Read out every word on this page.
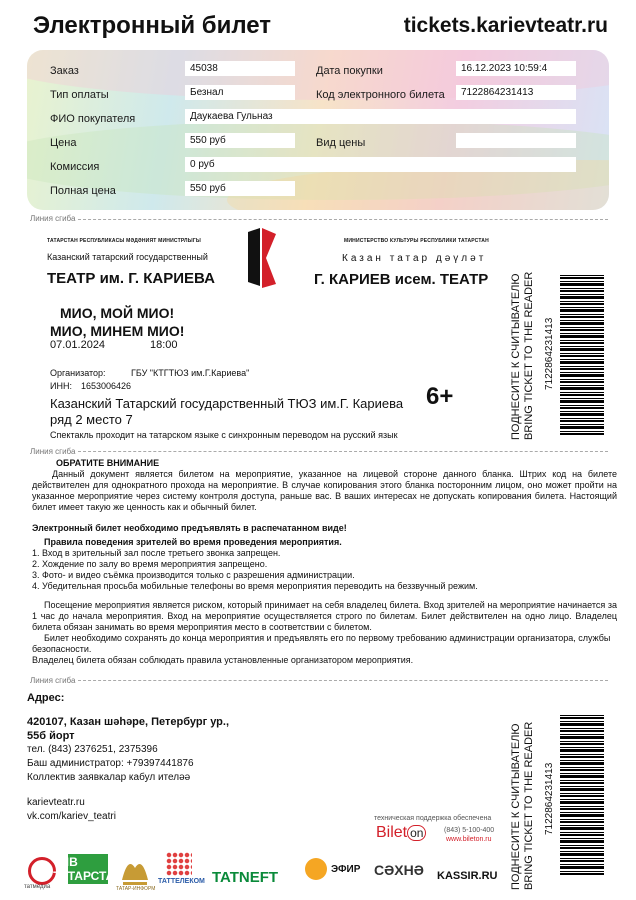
Электронный билет	tickets.karievteatr.ru
Заказ	45038	Дата покупки	16.12.2023 10:59:4
Тип оплаты	Безнал	Код электронного билета	7122864231413
ФИО покупателя	Даукаева Гульназ
Цена	550 руб	Вид цены
Комиссия	0 руб
Полная цена	550 руб
Линия сгиба
ТАТАРСТАН РЕСПУБЛИКАСЫ МӘДӘНИЯТ МИНИСТРЛЫГЫ
Казанский татарский государственный
ТЕАТР им. Г. КАРИЕВА
МИНИСТЕРСТВО КУЛЬТУРЫ РЕСПУБЛИКИ ТАТАРСТАН
Казан татар дәүләт
Г. КАРИЕВ исем. ТЕАТР
МИО, МОЙ МИО!
МИО, МИНЕМ МИО!
07.01.2024	18:00
Организатор:	ГБУ "КТГТЮЗ им.Г.Кариева"
ИНН: 1653006426	6+
Казанский Татарский государственный ТЮЗ им.Г. Кариева
ряд 2 место 7
Спектакль проходит на татарском языке с синхронным переводом на русский язык	ПОДНЕСИТЕ К СЧИТЫВАТЕЛЮ
BRING TICKET TO THE READER 7122864231413
Линия сгиба
ОБРАТИТЕ ВНИМАНИЕ
Данный документ является билетом на мероприятие, указанное на лицевой стороне данного бланка. Штрих код на билете действителен для однократного прохода на мероприятие. В случае копирования этого бланка посторонним лицом, оно может пройти на указанное мероприятие через систему контроля доступа, раньше вас. В ваших интересах не допускать копирования билета. Настоящий билет имеет такую же ценность как и обычный билет.
Электронный билет необходимо предъявлять в распечатанном виде!
Правила поведения зрителей во время проведения мероприятия.
1. Вход в зрительный зал после третьего звонка запрещен.
2. Хождение по залу во время мероприятия запрещено.
3. Фото- и видео съёмка производится только с разрешения администрации.
4. Убедительная просьба мобильные телефоны во время мероприятия переводить на беззвучный режим.
Посещение мероприятия является риском, который принимает на себя владелец билета. Вход зрителей на мероприятие начинается за 1 час до начала мероприятия. Вход на мероприятие осуществляется строго по билетам. Билет действителен на одно лицо. Владелец билета обязан занимать во время мероприятия место в соответствии с билетом.
Билет необходимо сохранять до конца мероприятия и предъявлять его по первому требованию администрации организатора, службы безопасности.
Владелец билета обязан соблюдать правила установленные организатором мероприятия.
Линия сгиба
Адрес:
420107, Казан шәһәре, Петербург ур.,
55б йорт
тел. (843) 2376251, 2375396
Баш администратор: +79397441876
Коллектив заявкалар кабул ителәә
karievteatr.ru
vk.com/kariev_teatri	техническая поддержка обеспечена
Bilet on	(843) 5-100-400
www.bileton.ru ПОДНЕСИТЕ К СЧИТЫВАТЕЛЮ
BRING TICKET TO THE READER 7122864231413
татмедиа
ТНВ ТАТАРСТАН
ТАТАР-ИНФОРМ
ТАТТЕЛЕКОМ TATNEFT	ЭФИР СӘХНӘ KASSIR.RU
